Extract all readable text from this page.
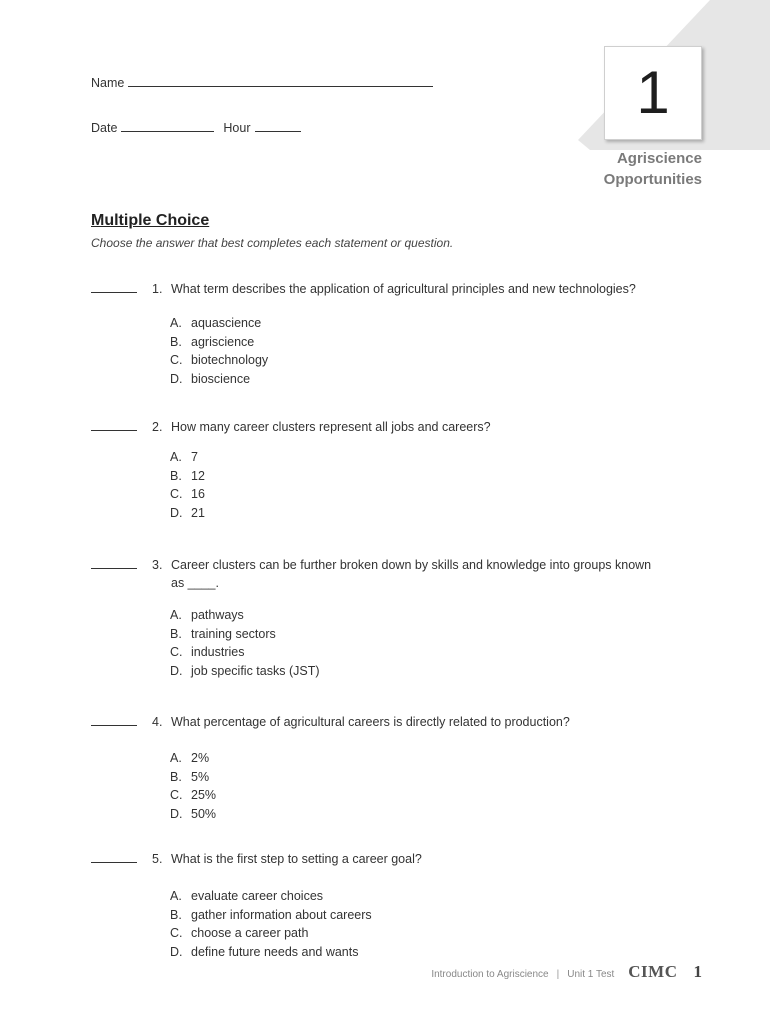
1
Agriscience
Opportunities
Name
Date	Hour
Multiple Choice
Choose the answer that best completes each statement or question.
1. What term describes the application of agricultural principles and new technologies?
A. aquascience
B. agriscience
C. biotechnology
D. bioscience
2. How many career clusters represent all jobs and careers?
A. 7
B. 12
C. 16
D. 21
3. Career clusters can be further broken down by skills and knowledge into groups known
as ____.
A. pathways
B. training sectors
C. industries
D. job specific tasks (JST)
4. What percentage of agricultural careers is directly related to production?
A. 2%
B. 5%
C. 25%
D. 50%
5. What is the first step to setting a career goal?
A. evaluate career choices
B. gather information about careers
C. choose a career path
D. define future needs and wants
Introduction to Agriscience | Unit 1 Test CIMC 1
